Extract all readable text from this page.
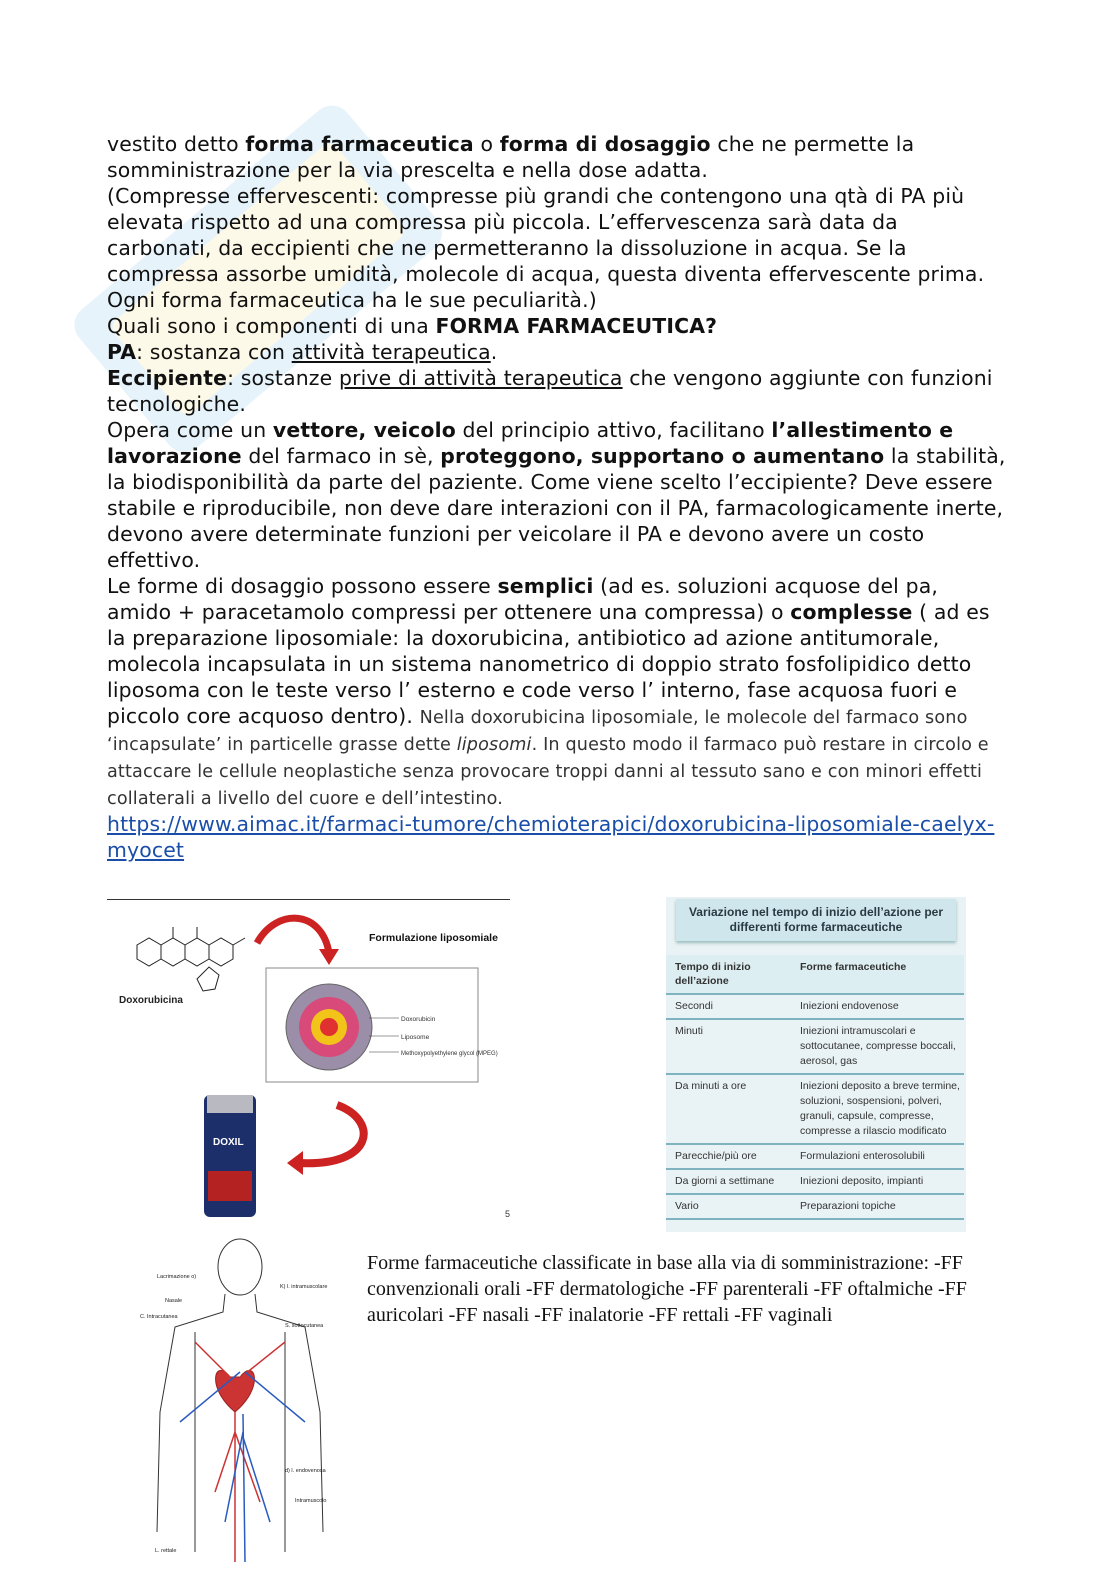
vestito detto forma farmaceutica o forma di dosaggio che ne permette la somministrazione per la via prescelta e nella dose adatta.

(Compresse effervescenti: compresse più grandi che contengono una qtà di PA più elevata rispetto ad una compressa più piccola. L’effervescenza sarà data da carbonati, da eccipienti che ne permetteranno la dissoluzione in acqua. Se la compressa assorbe umidità, molecole di acqua, questa diventa effervescente prima. Ogni forma farmaceutica ha le sue peculiarità.)

Quali sono i componenti di una FORMA FARMACEUTICA?

PA: sostanza con attività terapeutica.

Eccipiente: sostanze prive di attività terapeutica che vengono aggiunte con funzioni tecnologiche.

Opera come un vettore, veicolo del principio attivo, facilitano l’allestimento e lavorazione del farmaco in sè, proteggono, supportano o aumentano la stabilità, la biodisponibilità da parte del paziente. Come viene scelto l’eccipiente? Deve essere stabile e riproducibile, non deve dare interazioni con il PA, farmacologicamente inerte, devono avere determinate funzioni per veicolare il PA e devono avere un costo effettivo.

Le forme di dosaggio possono essere semplici (ad es. soluzioni acquose del pa, amido + paracetamolo compressi per ottenere una compressa) o complesse ( ad es la preparazione liposomiale: la doxorubicina, antibiotico ad azione antitumorale, molecola incapsulata in un sistema nanometrico di doppio strato fosfolipidico detto liposoma con le teste verso l’ esterno e code verso l’ interno, fase acquosa fuori e piccolo core acquoso dentro). Nella doxorubicina liposomiale, le molecole del farmaco sono ‘incapsulate’ in particelle grasse dette liposomi. In questo modo il farmaco può restare in circolo e attaccare le cellule neoplastiche senza provocare troppi danni al tessuto sano e con minori effetti collaterali a livello del cuore e dell’intestino.

https://www.aimac.it/farmaci-tumore/chemioterapici/doxorubicina-liposomiale-caelyx-myocet

Doxorubicina
Formulazione liposomiale
Doxorubicin
Liposome
Methoxypolyethylene glycol (MPEG)
DOXIL
5
Variazione nel tempo di inizio dell’azione per differenti forme farmaceutiche
Tempo di inizio dell’azione	Forme farmaceutiche
Secondi	Iniezioni endovenose
Minuti	Iniezioni intramuscolari e sottocutanee, compresse boccali, aerosol, gas
Da minuti a ore	Iniezioni deposito a breve termine, soluzioni, sospensioni, polveri, granuli, capsule, compresse, compresse a rilascio modificato
Parecchie/più ore	Formulazioni enterosolubili
Da giorni a settimane	Iniezioni deposito, impianti
Vario	Preparazioni topiche
Lacrimazione o)
Nasale
C. Intracutanea
K) l. intramuscolare
S. sottocutanea
d) l. endovenosa
Intramuscolo
L. rettale
Forme farmaceutiche classificate in base alla via di somministrazione: -FF convenzionali orali -FF dermatologiche -FF parenterali -FF oftalmiche -FF auricolari -FF nasali -FF inalatorie -FF rettali -FF vaginali
